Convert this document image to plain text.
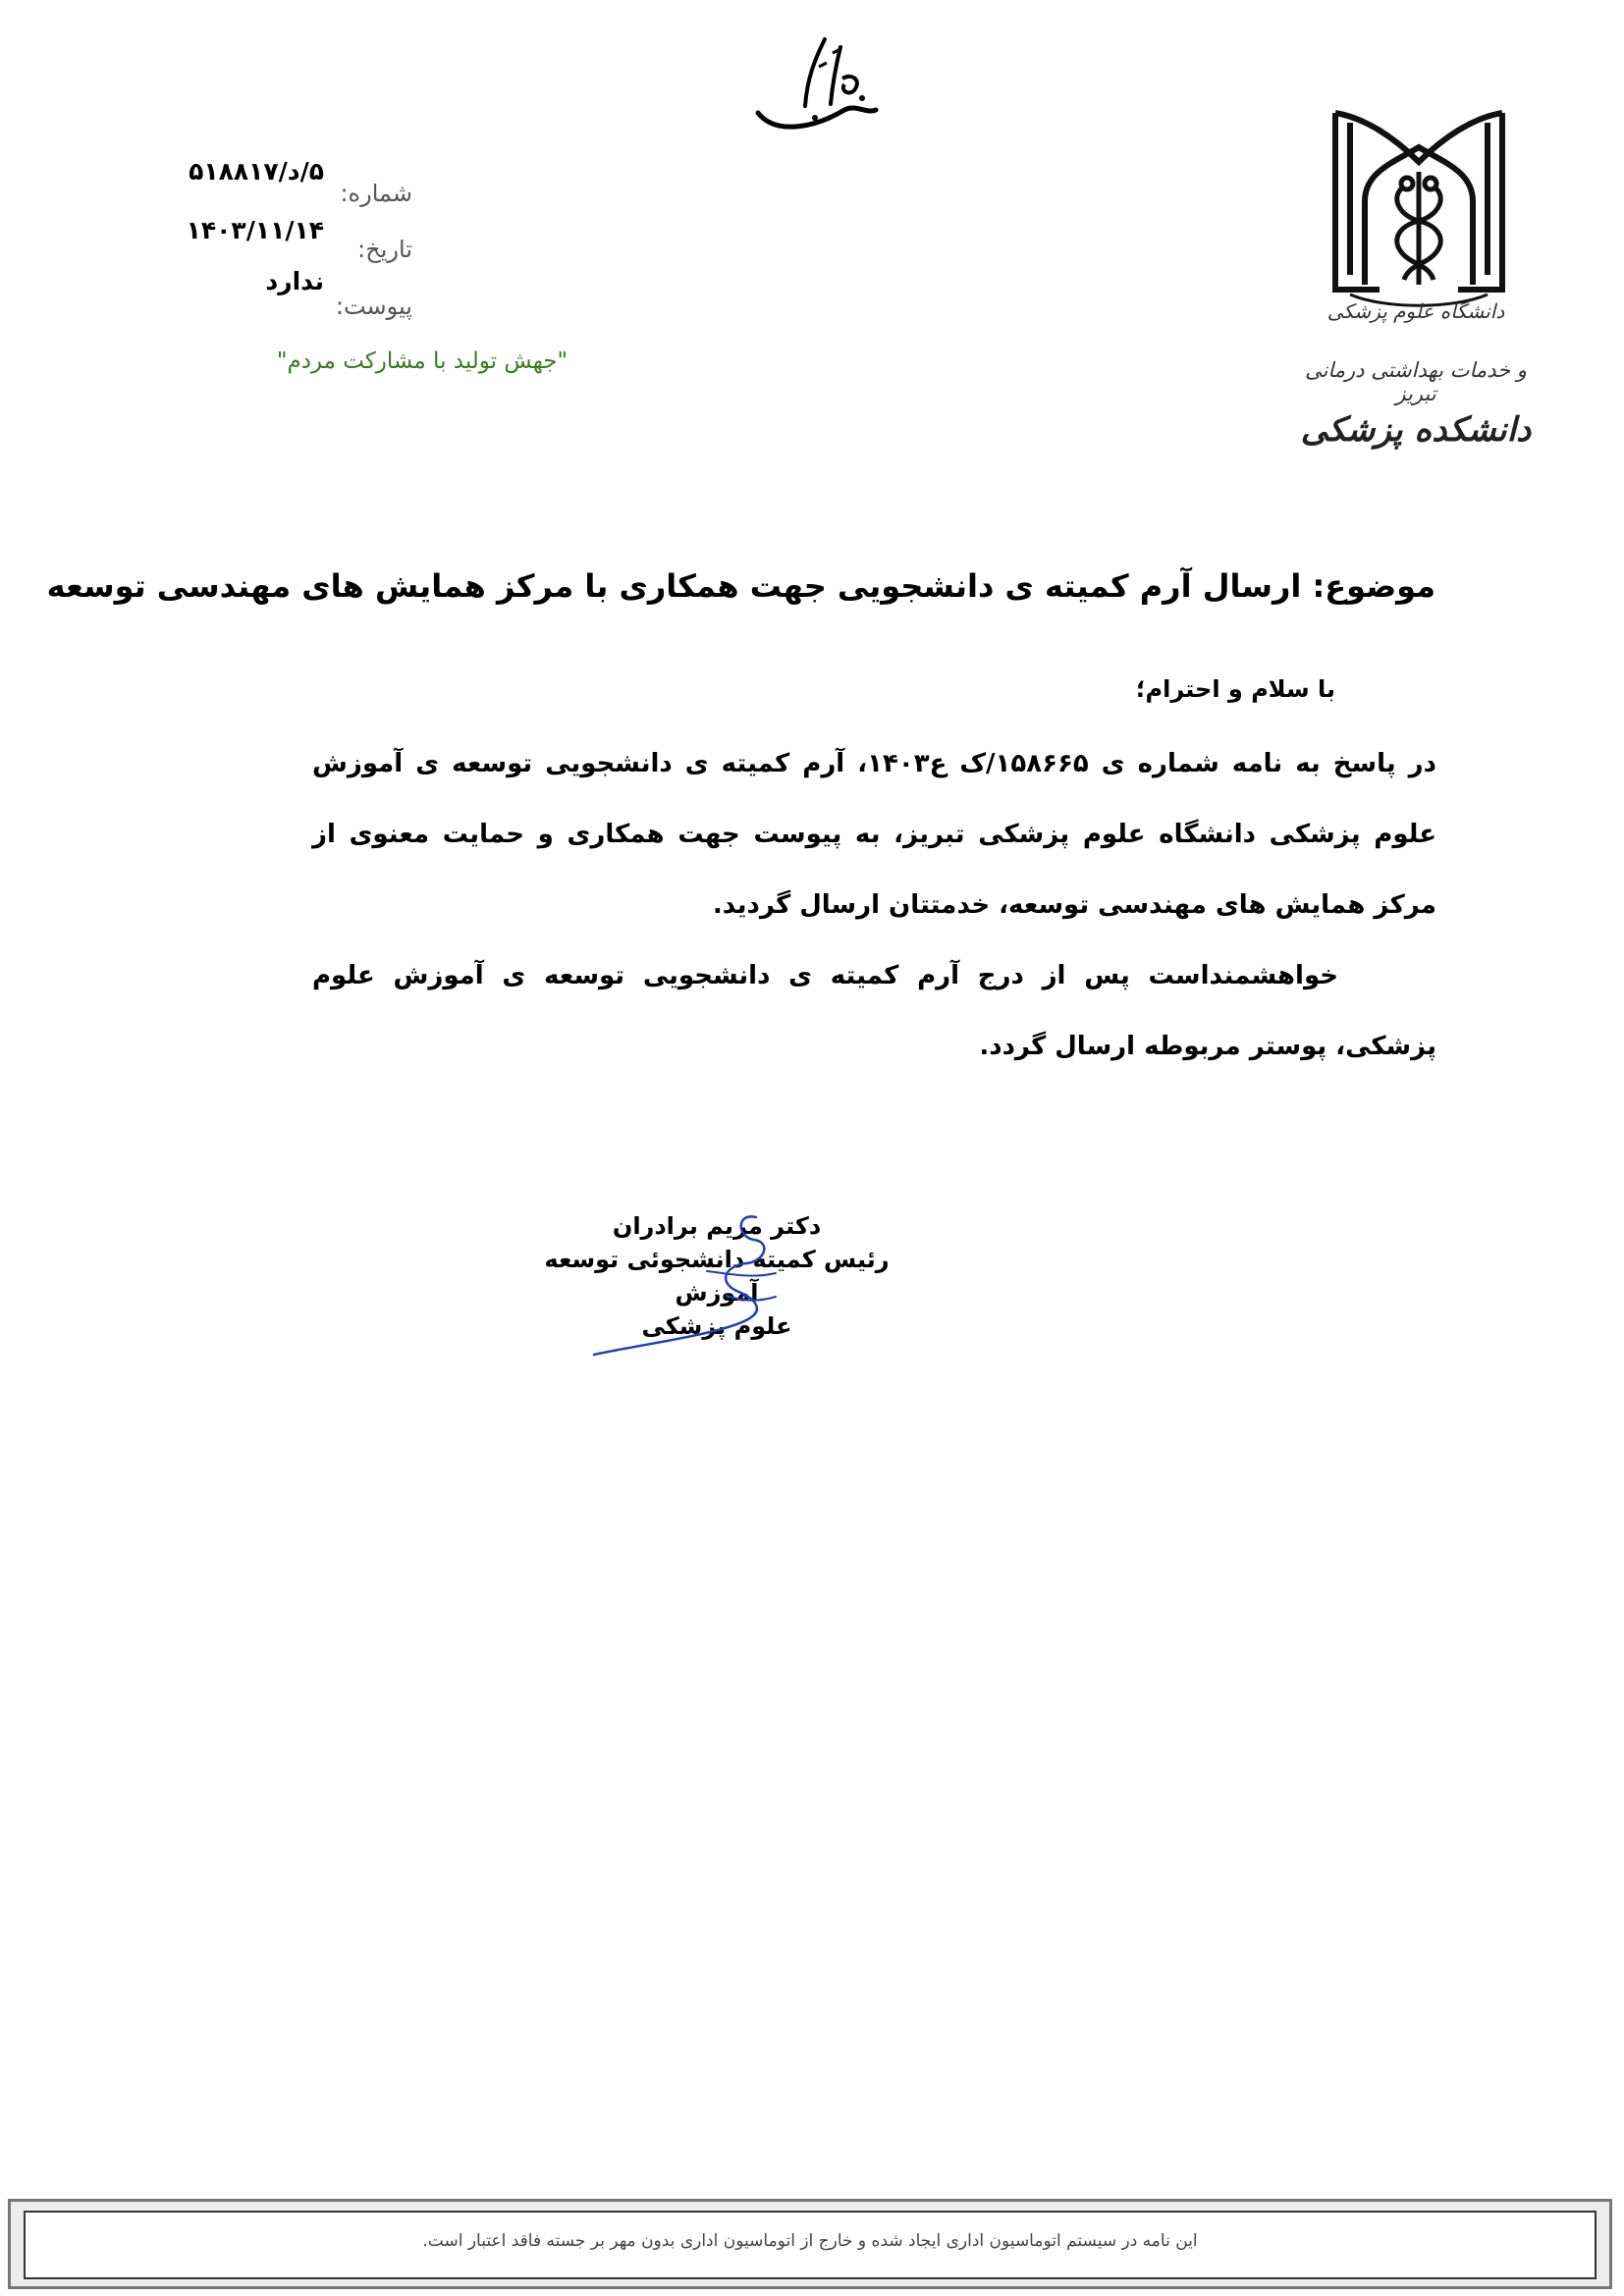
دانشگاه علوم پزشکی
و خدمات بهداشتی درمانی تبریز
دانشکده پزشکی
شماره:
تاریخ:
پیوست:
۵/د/۵۱۸۸۱۷
۱۴۰۳/۱۱/۱۴
ندارد
"جهش تولید با مشارکت مردم"
موضوع: ارسال آرم کمیته ی دانشجویی جهت همکاری با مرکز همایش های مهندسی توسعه
با سلام و احترام؛

در پاسخ به نامه شماره ی ۱۵۸۶۶۵/ک ع۱۴۰۳، آرم کمیته ی دانشجویی توسعه ی آموزش علوم پزشکی دانشگاه علوم پزشکی تبریز، به پیوست جهت همکاری و حمایت معنوی از مرکز همایش های مهندسی توسعه، خدمتتان ارسال گردید.

خواهشمنداست پس از درج آرم کمیته ی دانشجویی توسعه ی آموزش علوم پزشکی، پوستر مربوطه ارسال گردد.

دکتر مریم برادران
رئیس کمیته دانشجوئی توسعه آموزش
علوم پزشکی
این نامه در سیستم اتوماسیون اداری ایجاد شده و خارج از اتوماسیون اداری بدون مهر بر جسته فاقد اعتبار است.
